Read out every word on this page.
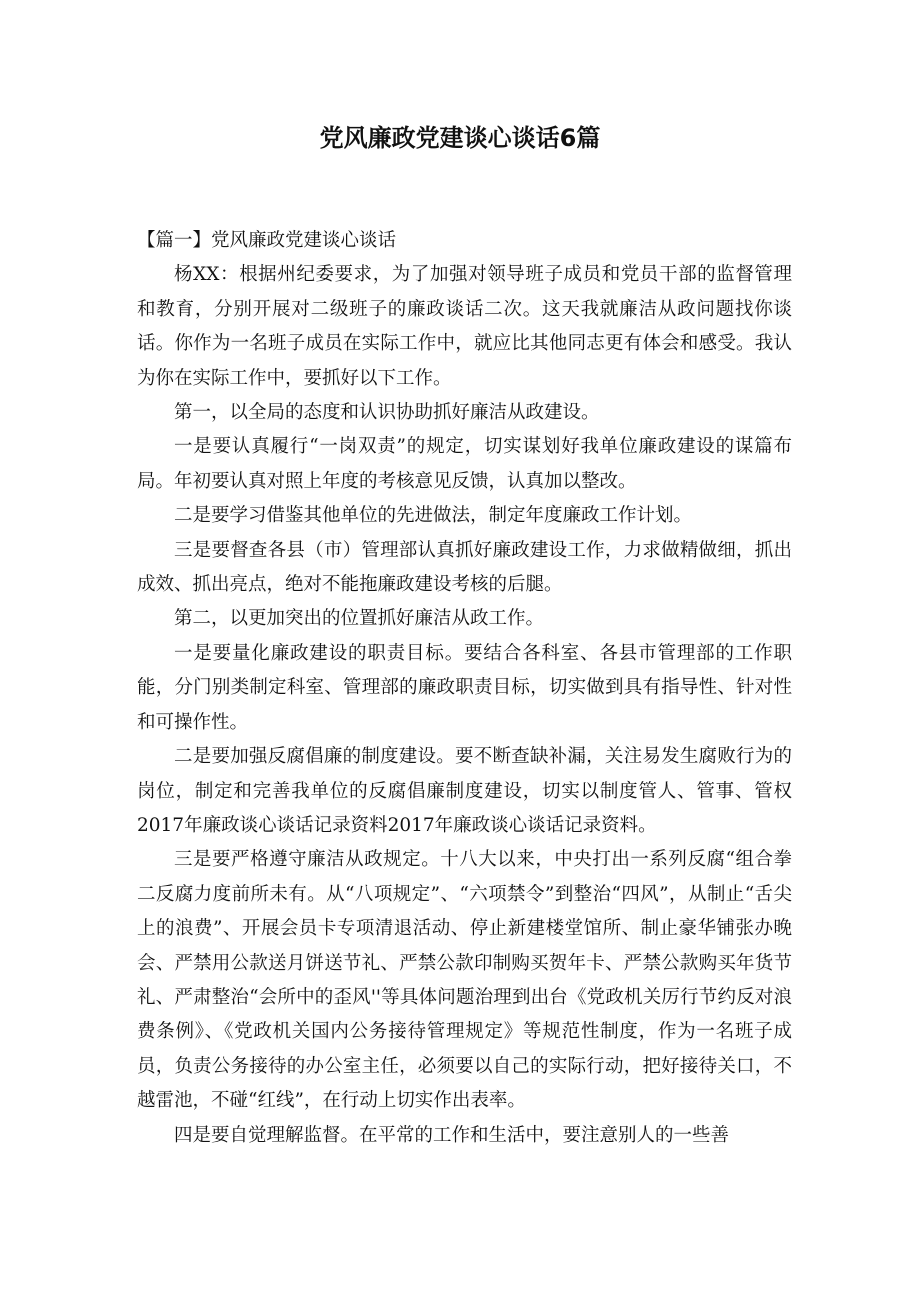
党风廉政党建谈心谈话6篇

【篇一】党风廉政党建谈心谈话

杨XX：根据州纪委要求，为了加强对领导班子成员和党员干部的监督管理和教育，分别开展对二级班子的廉政谈话二次。这天我就廉洁从政问题找你谈话。你作为一名班子成员在实际工作中，就应比其他同志更有体会和感受。我认为你在实际工作中，要抓好以下工作。

第一，以全局的态度和认识协助抓好廉洁从政建设。

一是要认真履行“一岗双责”的规定，切实谋划好我单位廉政建设的谋篇布局。年初要认真对照上年度的考核意见反馈，认真加以整改。

二是要学习借鉴其他单位的先进做法，制定年度廉政工作计划。

三是要督查各县（市）管理部认真抓好廉政建设工作，力求做精做细，抓出成效、抓出亮点，绝对不能拖廉政建设考核的后腿。

第二，以更加突出的位置抓好廉洁从政工作。

一是要量化廉政建设的职责目标。要结合各科室、各县市管理部的工作职能，分门别类制定科室、管理部的廉政职责目标，切实做到具有指导性、针对性和可操作性。

二是要加强反腐倡廉的制度建设。要不断查缺补漏，关注易发生腐败行为的岗位，制定和完善我单位的反腐倡廉制度建设，切实以制度管人、管事、管权2017年廉政谈心谈话记录资料2017年廉政谈心谈话记录资料。

三是要严格遵守廉洁从政规定。十八大以来，中央打出一系列反腐“组合拳二反腐力度前所未有。从“八项规定”、“六项禁令”到整治“四风”，从制止“舌尖上的浪费”、开展会员卡专项清退活动、停止新建楼堂馆所、制止豪华铺张办晚会、严禁用公款送月饼送节礼、严禁公款印制购买贺年卡、严禁公款购买年货节礼、严肃整治“会所中的歪风''等具体问题治理到出台《党政机关厉行节约反对浪费条例》、《党政机关国内公务接待管理规定》等规范性制度，作为一名班子成员，负责公务接待的办公室主任，必须要以自己的实际行动，把好接待关口，不越雷池，不碰“红线”，在行动上切实作出表率。

四是要自觉理解监督。在平常的工作和生活中，要注意别人的一些善
